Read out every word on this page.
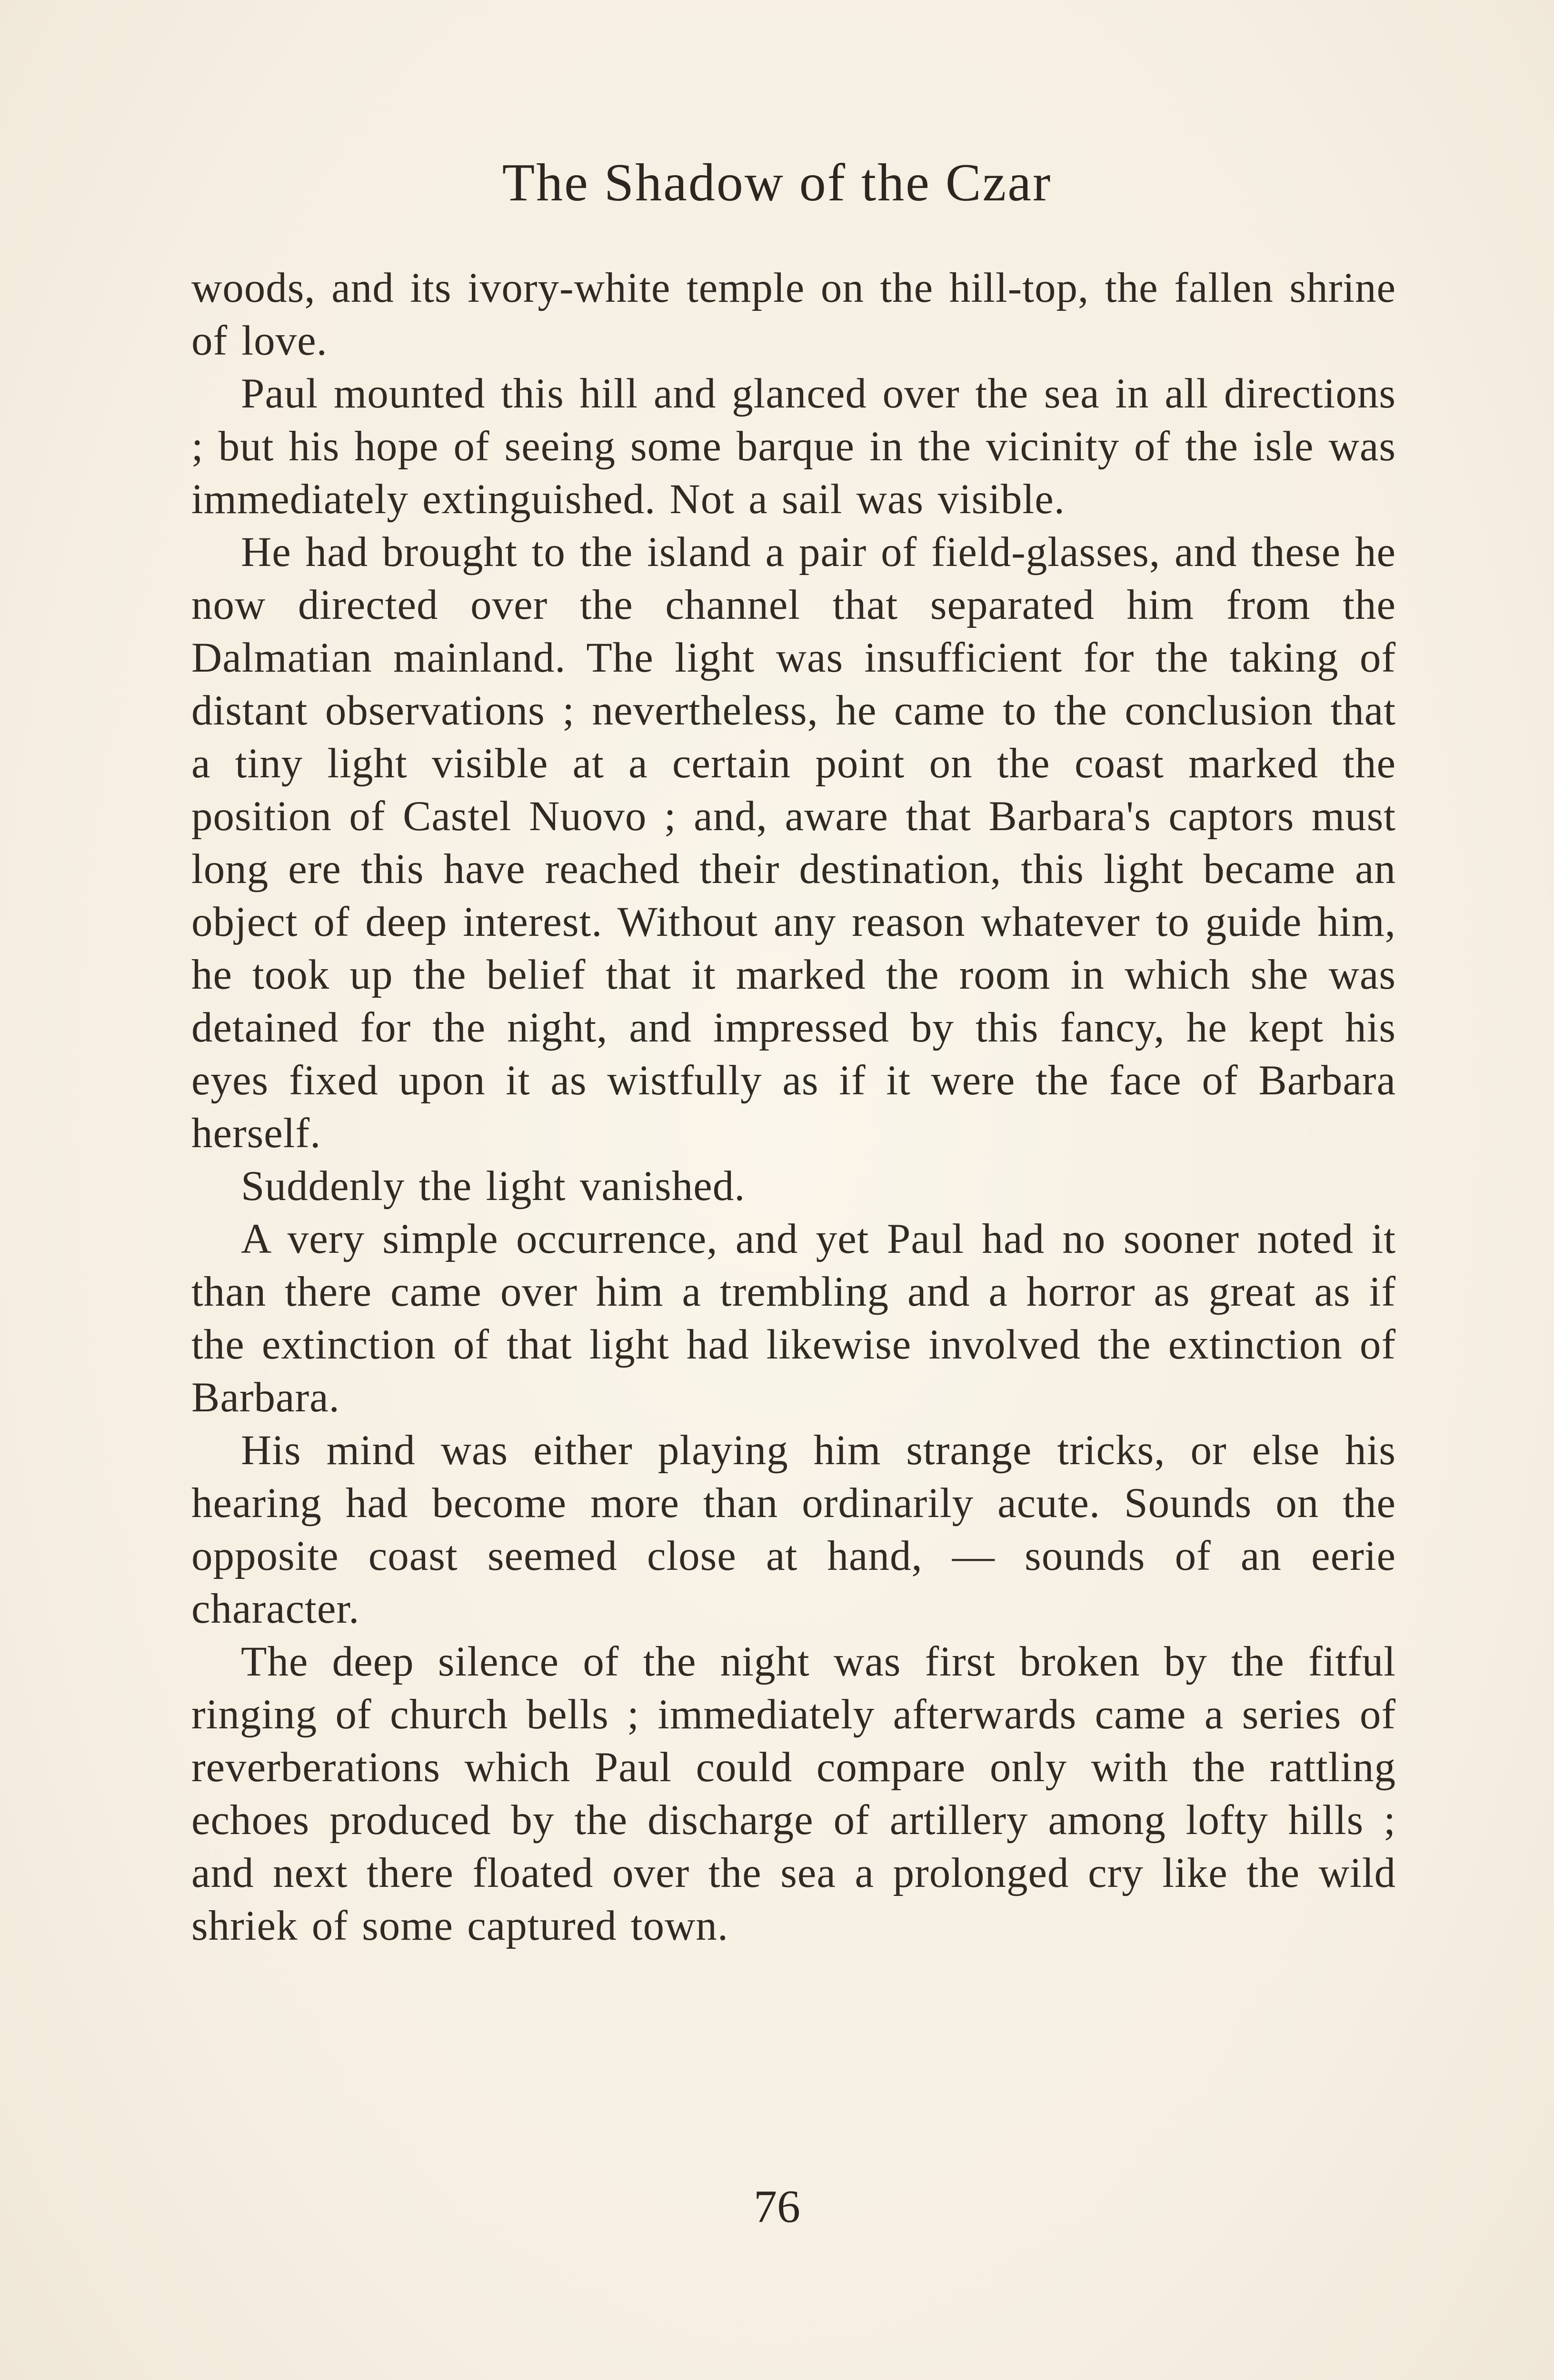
The Shadow of the Czar

woods, and its ivory-white temple on the hill-top, the fallen shrine of love.

Paul mounted this hill and glanced over the sea in all directions ; but his hope of seeing some barque in the vicinity of the isle was immediately extinguished. Not a sail was visible.

He had brought to the island a pair of field-glasses, and these he now directed over the channel that separated him from the Dalmatian mainland. The light was insufficient for the taking of distant observations ; nevertheless, he came to the conclusion that a tiny light visible at a certain point on the coast marked the position of Castel Nuovo ; and, aware that Barbara's captors must long ere this have reached their destination, this light became an object of deep interest. Without any reason whatever to guide him, he took up the belief that it marked the room in which she was detained for the night, and impressed by this fancy, he kept his eyes fixed upon it as wistfully as if it were the face of Barbara herself.

Suddenly the light vanished.

A very simple occurrence, and yet Paul had no sooner noted it than there came over him a trembling and a horror as great as if the extinction of that light had likewise involved the extinction of Barbara.

His mind was either playing him strange tricks, or else his hearing had become more than ordinarily acute. Sounds on the opposite coast seemed close at hand, — sounds of an eerie character.

The deep silence of the night was first broken by the fitful ringing of church bells ; immediately afterwards came a series of reverberations which Paul could compare only with the rattling echoes produced by the discharge of artillery among lofty hills ; and next there floated over the sea a prolonged cry like the wild shriek of some captured town.

76
